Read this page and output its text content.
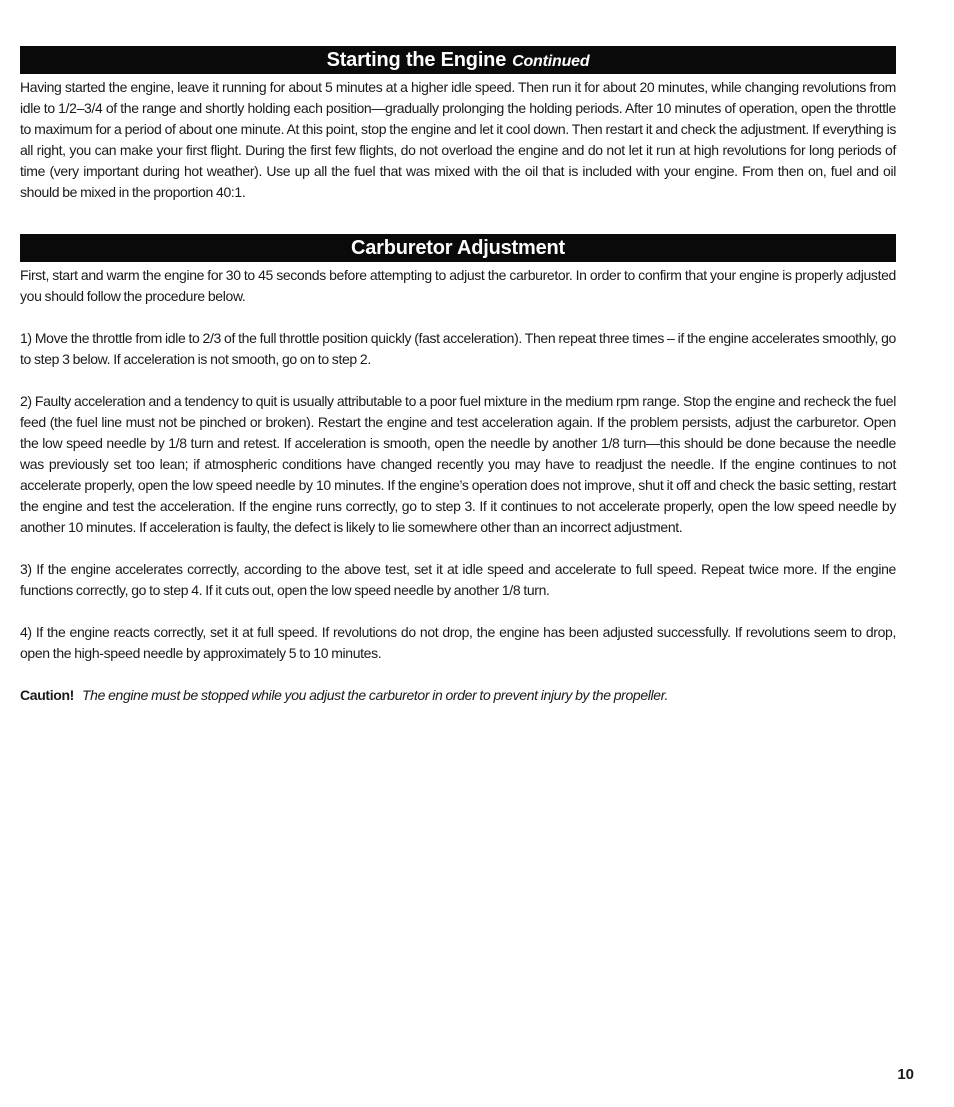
Starting the Engine Continued

Having started the engine, leave it running for about 5 minutes at a higher idle speed. Then run it for about 20 minutes, while changing revolutions from idle to 1/2–3/4 of the range and shortly holding each position—gradually prolonging the holding periods. After 10 minutes of operation, open the throttle to maximum for a period of about one minute. At this point, stop the engine and let it cool down. Then restart it and check the adjustment. If everything is all right, you can make your first flight. During the first few flights, do not overload the engine and do not let it run at high revolutions for long periods of time (very important during hot weather). Use up all the fuel that was mixed with the oil that is included with your engine. From then on, fuel and oil should be mixed in the proportion 40:1.

Carburetor Adjustment

First, start and warm the engine for 30 to 45 seconds before attempting to adjust the carburetor. In order to confirm that your engine is properly adjusted you should follow the procedure below.

1) Move the throttle from idle to 2/3 of the full throttle position quickly (fast acceleration). Then repeat three times – if the engine accelerates smoothly, go to step 3 below. If acceleration is not smooth, go on to step 2.

2) Faulty acceleration and a tendency to quit is usually attributable to a poor fuel mixture in the medium rpm range. Stop the engine and recheck the fuel feed (the fuel line must not be pinched or broken). Restart the engine and test acceleration again. If the problem persists, adjust the carburetor. Open the low speed needle by 1/8 turn and retest. If acceleration is smooth, open the needle by another 1/8 turn—this should be done because the needle was previously set too lean; if atmospheric conditions have changed recently you may have to readjust the needle. If the engine continues to not accelerate properly, open the low speed needle by 10 minutes. If the engine’s operation does not improve, shut it off and check the basic setting, restart the engine and test the acceleration. If the engine runs correctly, go to step 3. If it continues to not accelerate properly, open the low speed needle by another 10 minutes. If acceleration is faulty, the defect is likely to lie somewhere other than an incorrect adjustment.

3) If the engine accelerates correctly, according to the above test, set it at idle speed and accelerate to full speed. Repeat twice more. If the engine functions correctly, go to step 4. If it cuts out, open the low speed needle by another 1/8 turn.

4) If the engine reacts correctly, set it at full speed. If revolutions do not drop, the engine has been adjusted successfully. If revolutions seem to drop, open the high-speed needle by approximately 5 to 10 minutes.

Caution! The engine must be stopped while you adjust the carburetor in order to prevent injury by the propeller.

10
